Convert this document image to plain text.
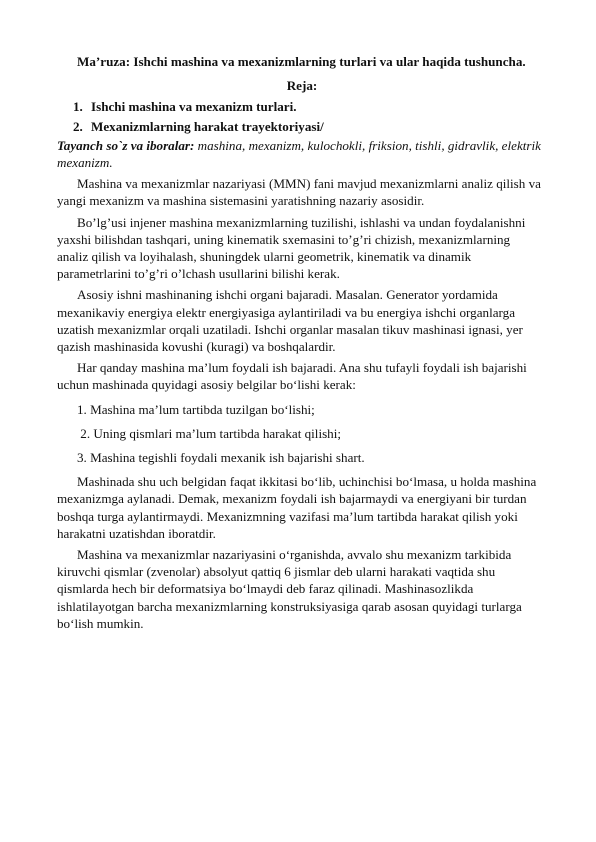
Ma’ruza: Ishchi mashina va mexanizmlarning turlari va ular haqida tushuncha.

Reja:

1. Ishchi mashina va mexanizm turlari.
2. Mexanizmlarning harakat trayektoriyasi/

Tayanch so`z va iboralar: mashina, mexanizm, kulochokli, friksion, tishli, gidravlik, elektrik mexanizm.

Mashina va mexanizmlar nazariyasi (MMN) fani mavjud mexanizmlarni analiz qilish va yangi mexanizm va mashina sistemasini yaratishning nazariy asosidir.

Bo’lg’usi injener mashina mexanizmlarning tuzilishi, ishlashi va undan foydalanishni yaxshi bilishdan tashqari, uning kinematik sxemasini to’g’ri chizish, mexanizmlarning analiz qilish va loyihalash, shuningdek ularni geometrik, kinematik va dinamik parametrlarini to’g’ri o’lchash usullarini bilishi kerak.

Asosiy ishni mashinaning ishchi organi bajaradi. Masalan. Generator yordamida mexanikaviy energiya elektr energiyasiga aylantiriladi va bu energiya ishchi organlarga uzatish mexanizmlar orqali uzatiladi. Ishchi organlar masalan tikuv mashinasi ignasi, yer qazish mashinasida kovushi (kuragi) va boshqalardir.

Har qanday mashina ma’lum foydali ish bajaradi. Ana shu tufayli foydali ish bajarishi uchun mashinada quyidagi asosiy belgilar bo‘lishi kerak:

1. Mashina ma’lum tartibda tuzilgan bo‘lishi;

2. Uning qismlari ma’lum tartibda harakat qilishi;

3. Mashina tegishli foydali mexanik ish bajarishi shart.

Mashinada shu uch belgidan faqat ikkitasi bo‘lib, uchinchisi bo‘lmasa, u holda mashina mexanizmga aylanadi. Demak, mexanizm foydali ish bajarmaydi va energiyani bir turdan boshqa turga aylantirmaydi. Mexanizmning vazifasi ma’lum tartibda harakat qilish yoki harakatni uzatishdan iboratdir.

Mashina va mexanizmlar nazariyasini o‘rganishda, avvalo shu mexanizm tarkibida kiruvchi qismlar (zvenolar) absolyut qattiq 6 jismlar deb ularni harakati vaqtida shu qismlarda hech bir deformatsiya bo‘lmaydi deb faraz qilinadi. Mashinasozlikda ishlatilayotgan barcha mexanizmlarning konstruksiyasiga qarab asosan quyidagi turlarga bo‘lish mumkin.
